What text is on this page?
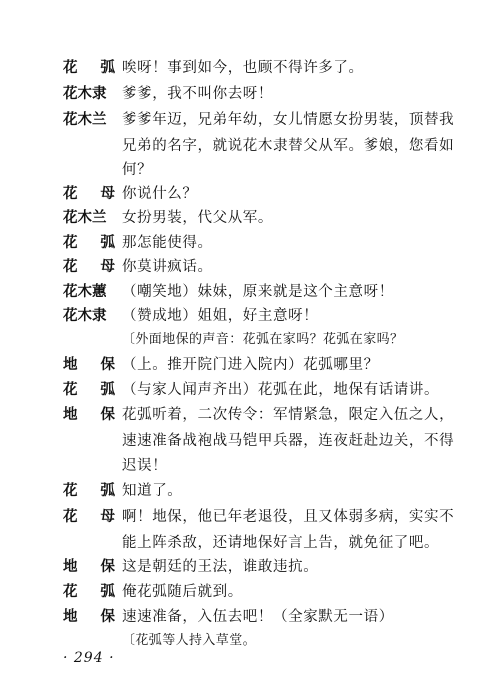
花 弧 唉呀！事到如今，也顾不得许多了。
花木隶 爹爹，我不叫你去呀！
花木兰 爹爹年迈，兄弟年幼，女儿情愿女扮男装，顶替我
兄弟的名字，就说花木隶替父从军。爹娘，您看如
何？
花 母 你说什么？
花木兰 女扮男装，代父从军。
花 弧 那怎能使得。
花 母 你莫讲疯话。
花木蕙 （嘲笑地）妹妹，原来就是这个主意呀！
花木隶 （赞成地）姐姐，好主意呀！
〔外面地保的声音：花弧在家吗？花弧在家吗？
地 保 （上。推开院门进入院内）花弧哪里？
花 弧 （与家人闻声齐出）花弧在此，地保有话请讲。
地 保 花弧听着，二次传令：军情紧急，限定入伍之人，
速速准备战袍战马铠甲兵器，连夜赶赴边关，不得
迟误！
花 弧 知道了。
花 母 啊！地保，他已年老退役，且又体弱多病，实实不
能上阵杀敌，还请地保好言上告，就免征了吧。
地 保 这是朝廷的王法，谁敢违抗。
花 弧 俺花弧随后就到。
地 保 速速准备，入伍去吧！（全家默无一语）
〔花弧等人持入草堂。
· 294 ·
